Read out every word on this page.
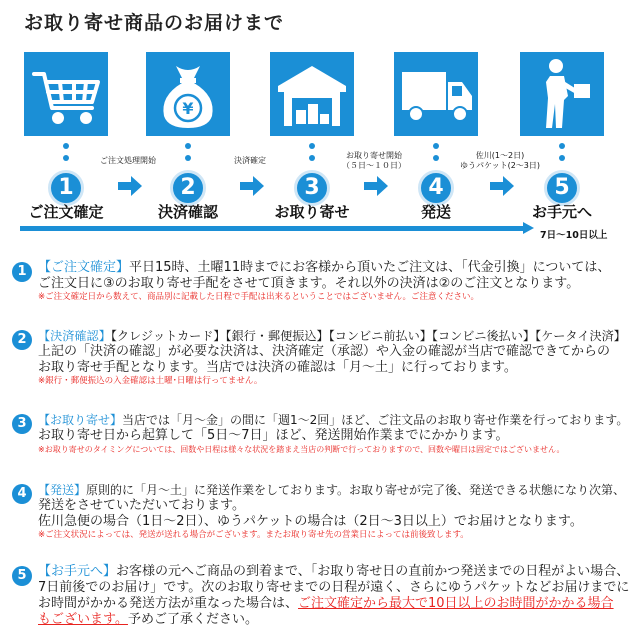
お取り寄せ商品のお届けまで
¥
1	2	3	4	5
ご注文処理開始	決済確定
お取り寄せ開始
（５日〜１０日）
佐川(1〜2日)
ゆうパケット(2〜3日)
ご注文確定	決済確認	お取り寄せ	発送	お手元へ
7日〜10日以上
1 【ご注文確定】平日15時、土曜11時までにお客様から頂いたご注文は、「代金引換」については、
ご注文日に③のお取り寄せ手配をさせて頂きます。それ以外の決済は②のご注文となります。
※ご注文確定日から数えて、商品別に記載した日程で手配は出来るということではございません。ご注意ください。
2 【決済確認】【クレジットカード】【銀行・郵便振込】【コンビニ前払い】【コンビニ後払い】【ケータイ決済】
上記の「決済の確認」が必要な決済は、決済確定（承認）や入金の確認が当店で確認できてからの
お取り寄せ手配となります。当店では決済の確認は「月〜土」に行っております。
※銀行・郵便振込の入金確認は土曜･日曜は行ってません。
3 【お取り寄せ】当店では「月〜金」の間に「週1〜2回」ほど、ご注文品のお取り寄せ作業を行っております。
お取り寄せ日から起算して「5日〜7日」ほど、発送開始作業までにかかります。
※お取り寄せのタイミングについては、回数や日程は様々な状況を踏まえ当店の判断で行っておりますので、回数や曜日は固定ではございません。
4 【発送】原則的に「月〜土」に発送作業をしております。お取り寄せが完了後、発送できる状態になり次第、
発送をさせていただいております。
佐川急便の場合（1日〜2日）、ゆうパケットの場合は（2日〜3日以上）でお届けとなります。
※ご注文状況によっては、発送が送れる場合がございます。またお取り寄せ先の営業日によっては前後致します。
5 【お手元へ】お客様の元へご商品の到着まで、「お取り寄せ日の直前かつ発送までの日程がよい場合、
7日前後でのお届け」です。次のお取り寄せまでの日程が遠く、さらにゆうパケットなどお届けまでに
お時間がかかる発送方法が重なった場合は、ご注文確定から最大で10日以上のお時間がかかる場合
もございます。予めご了承ください。
